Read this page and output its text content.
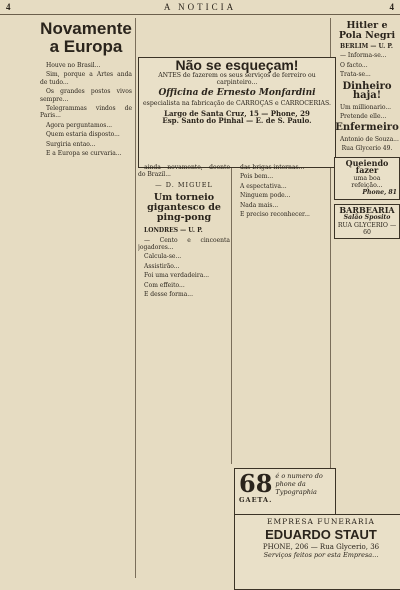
4	A NOTICIA	4
Novamente a Europa

Houve no Brasil...

Sim, porque a Artes anda de tudo...

Os grandes postos vivos sempre...

Telegrammas vindos de Paris...

Agora perguntamos...

Quem estaria disposto...

Surgiria entao...

E a Europa se curvaria...

Não se esqueçam!
ANTES de fazerem os seus serviços de ferreiro ou carpinteiro...
Officina de Ernesto Monfardini
especialista na fabricação de CARROÇAS e CARROCERIAS.
Largo de Santa Cruz, 15 — Phone, 29
Esp. Santo do Pinhal — E. de S. Paulo.

ainda novamente, doente do Brazil...

— D. MIGUEL
Um torneio gigantesco de ping-pong

LONDRES — U. P.

— Cento e cincoenta jogadores...

Calcula-se...

Assistirão...

Foi uma verdadeira...

Com effeito...

E desse forma...

das brigas internas...

Pois bem...

A espectativa...

Ninguem pode...

Nada mais...

E preciso reconhecer...

68 é o numero do phone da Typographia GAETA.
EMPRESA FUNERARIA
EDUARDO STAUT
PHONE, 206 — Rua Glycerio, 36
Serviços feitos por esta Empresa...
Hitler e Pola Negri

BERLIM — U. P.

— Informa-se...

O facto...

Trata-se...

Dinheiro haja!

Um millionario...

Pretende elle...

Enfermeiro

Antonio de Souza...

Rua Glycerio 49.

Queiendo fazer
uma boa refeição...
Phone, 81
BARBEARIA
Salão Sposito
RUA GLYCERIO — 60
